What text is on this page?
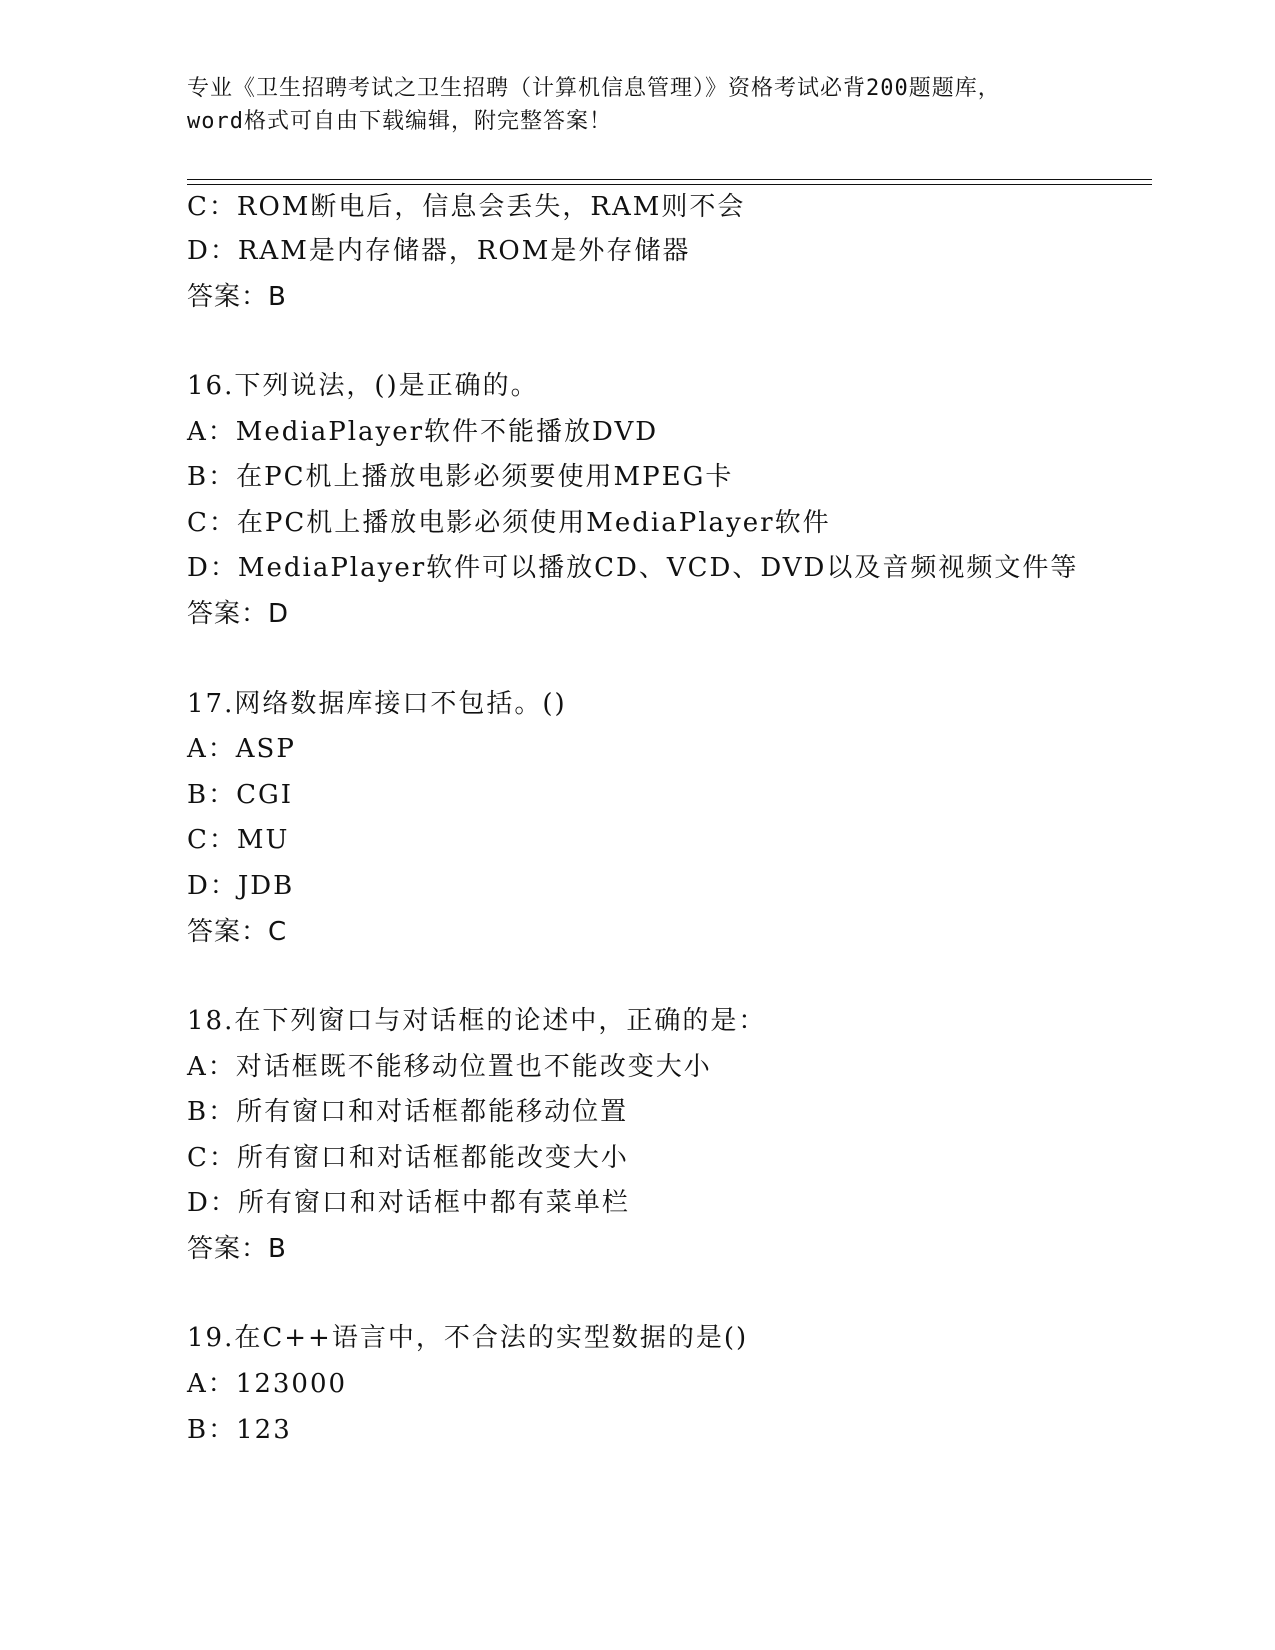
专业《卫生招聘考试之卫生招聘（计算机信息管理）》资格考试必背200题题库，
word格式可自由下载编辑，附完整答案！
C：ROM断电后，信息会丢失，RAM则不会
D：RAM是内存储器，ROM是外存储器
答案：B
16.下列说法，()是正确的。
A：MediaPlayer软件不能播放DVD
B：在PC机上播放电影必须要使用MPEG卡
C：在PC机上播放电影必须使用MediaPlayer软件
D：MediaPlayer软件可以播放CD、VCD、DVD以及音频视频文件等
答案：D
17.网络数据库接口不包括。()
A：ASP
B：CGI
C：MU
D：JDB
答案：C
18.在下列窗口与对话框的论述中，正确的是：
A：对话框既不能移动位置也不能改变大小
B：所有窗口和对话框都能移动位置
C：所有窗口和对话框都能改变大小
D：所有窗口和对话框中都有菜单栏
答案：B
19.在C++语言中，不合法的实型数据的是()
A：123000
B：123
